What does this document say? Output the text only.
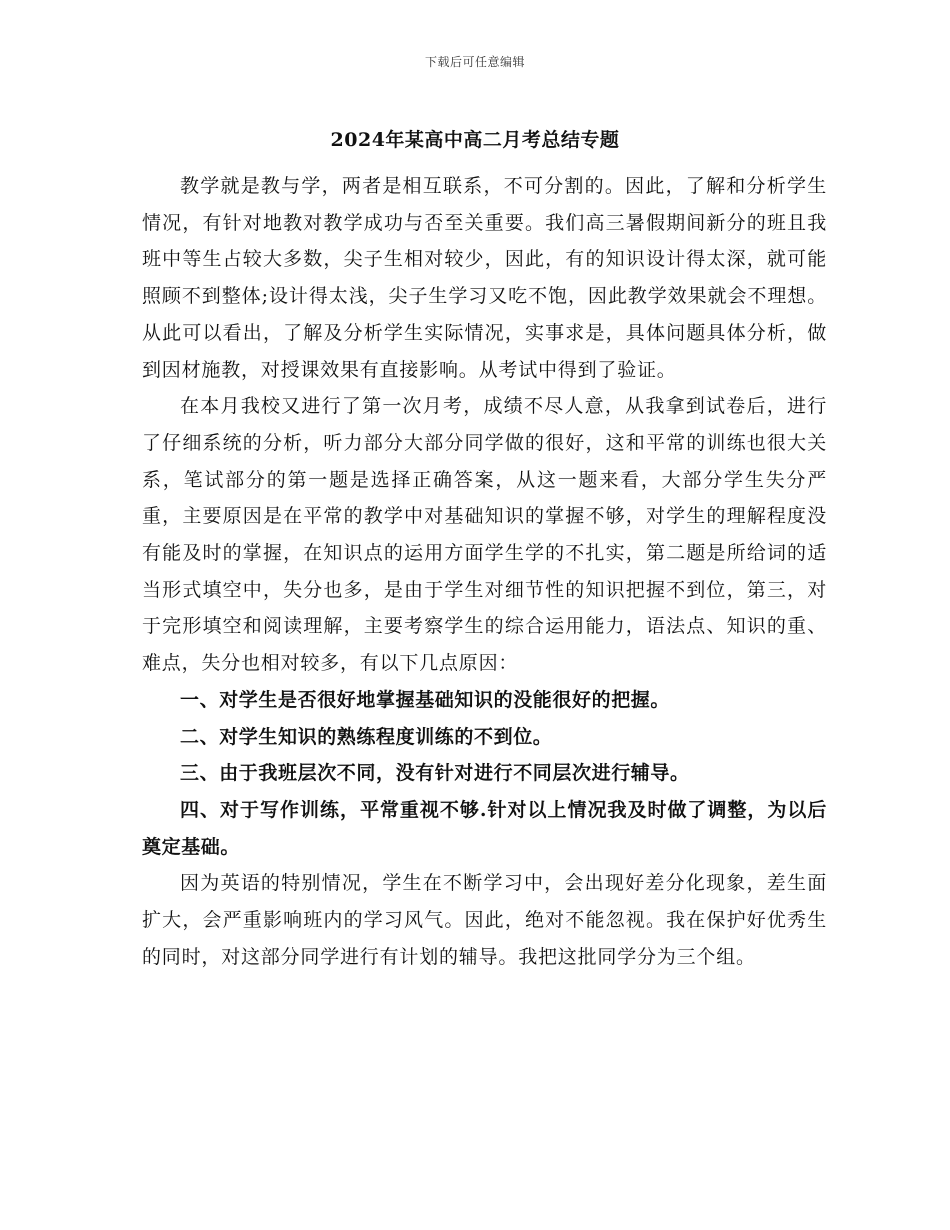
下载后可任意编辑
2024年某高中高二月考总结专题

教学就是教与学，两者是相互联系，不可分割的。因此，了解和分析学生情况，有针对地教对教学成功与否至关重要。我们高三暑假期间新分的班且我班中等生占较大多数，尖子生相对较少，因此，有的知识设计得太深，就可能照顾不到整体;设计得太浅，尖子生学习又吃不饱，因此教学效果就会不理想。从此可以看出，了解及分析学生实际情况，实事求是，具体问题具体分析，做到因材施教，对授课效果有直接影响。从考试中得到了验证。

在本月我校又进行了第一次月考，成绩不尽人意，从我拿到试卷后，进行了仔细系统的分析，听力部分大部分同学做的很好，这和平常的训练也很大关系，笔试部分的第一题是选择正确答案，从这一题来看，大部分学生失分严重，主要原因是在平常的教学中对基础知识的掌握不够，对学生的理解程度没有能及时的掌握，在知识点的运用方面学生学的不扎实，第二题是所给词的适当形式填空中，失分也多，是由于学生对细节性的知识把握不到位，第三，对于完形填空和阅读理解，主要考察学生的综合运用能力，语法点、知识的重、难点，失分也相对较多，有以下几点原因：

一、对学生是否很好地掌握基础知识的没能很好的把握。

二、对学生知识的熟练程度训练的不到位。

三、由于我班层次不同，没有针对进行不同层次进行辅导。

四、对于写作训练，平常重视不够.针对以上情况我及时做了调整，为以后奠定基础。

因为英语的特别情况，学生在不断学习中，会出现好差分化现象，差生面扩大，会严重影响班内的学习风气。因此，绝对不能忽视。我在保护好优秀生的同时，对这部分同学进行有计划的辅导。我把这批同学分为三个组。
